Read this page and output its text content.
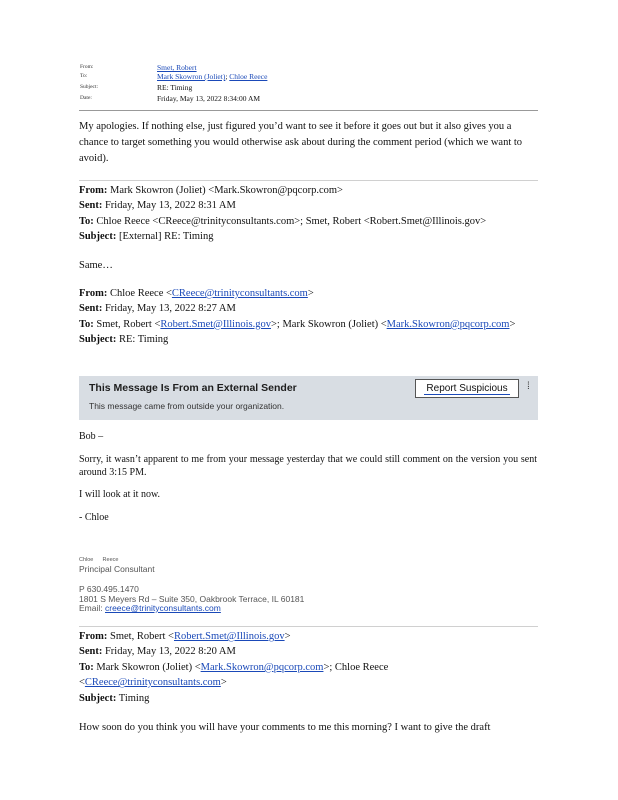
From:	Smet, Robert
To:	Mark Skowron (Joliet); Chloe Reece
Subject:	RE: Timing
Date:	Friday, May 13, 2022 8:34:00 AM
My apologies. If nothing else, just figured you’d want to see it before it goes out but it also gives you a chance to target something you would otherwise ask about during the comment period (which we want to avoid).
From: Mark Skowron (Joliet) <Mark.Skowron@pqcorp.com>
Sent: Friday, May 13, 2022 8:31 AM
To: Chloe Reece <CReece@trinityconsultants.com>; Smet, Robert <Robert.Smet@Illinois.gov>
Subject: [External] RE: Timing
Same…
From: Chloe Reece <CReece@trinityconsultants.com>
Sent: Friday, May 13, 2022 8:27 AM
To: Smet, Robert <Robert.Smet@Illinois.gov>; Mark Skowron (Joliet) <Mark.Skowron@pqcorp.com>
Subject: RE: Timing
This Message Is From an External Sender
This message came from outside your organization.
Report Suspicious	⁞
Bob –
Sorry, it wasn’t apparent to me from your message yesterday that we could still comment on the version you sent around 3:15 PM.
I will look at it now.
- Chloe
Chloe Reece
Principal Consultant
P 630.495.1470
1801 S Meyers Rd – Suite 350, Oakbrook Terrace, IL 60181
Email: creece@trinityconsultants.com
From: Smet, Robert <Robert.Smet@Illinois.gov>
Sent: Friday, May 13, 2022 8:20 AM
To: Mark Skowron (Joliet) <Mark.Skowron@pqcorp.com>; Chloe Reece
<CReece@trinityconsultants.com>
Subject: Timing
How soon do you think you will have your comments to me this morning? I want to give the draft
